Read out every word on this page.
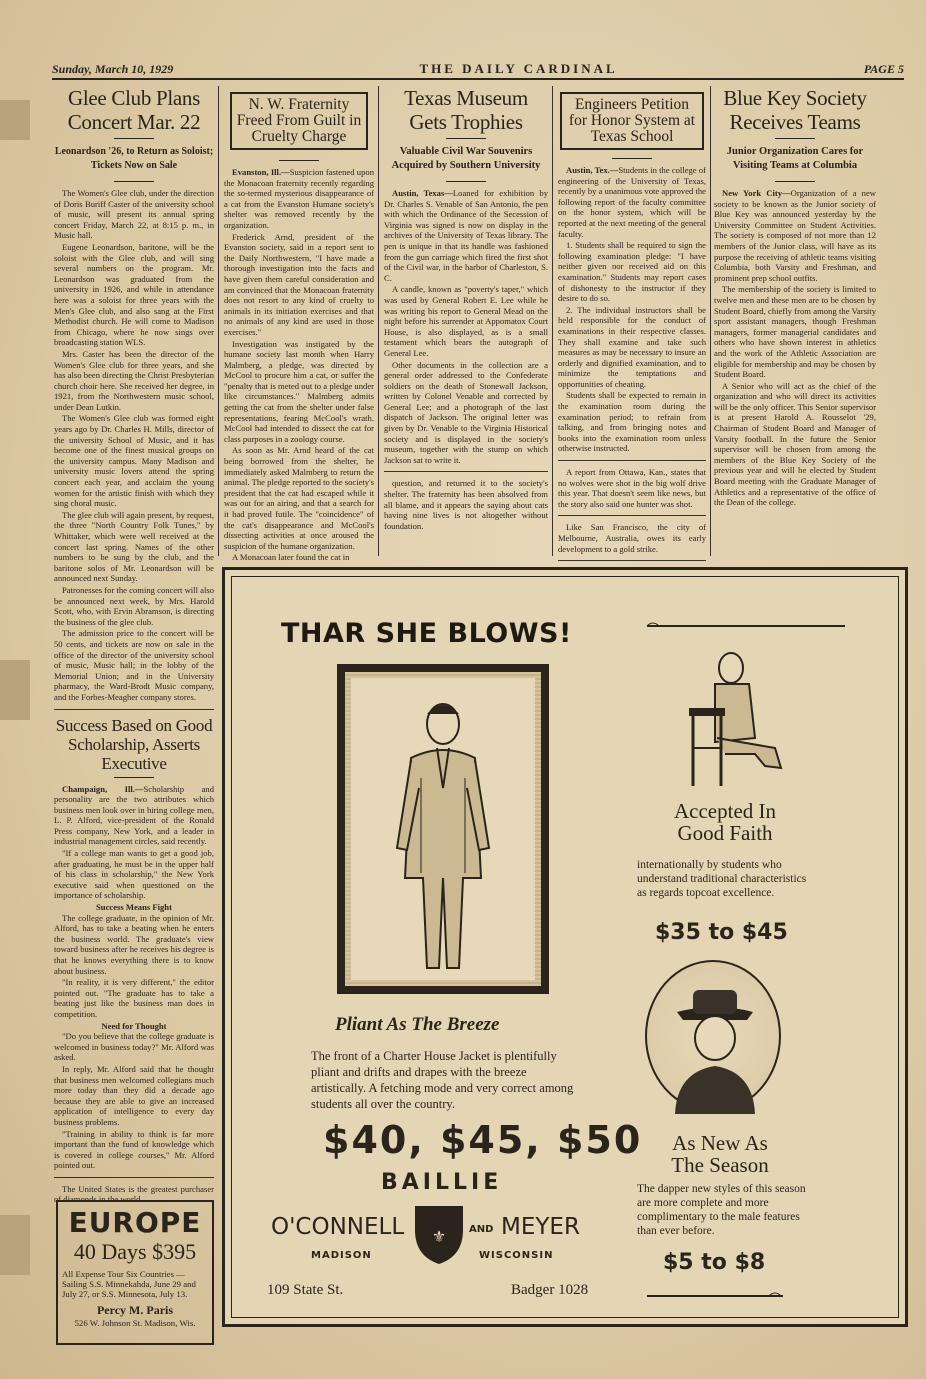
Sunday, March 10, 1929	THE DAILY CARDINAL	PAGE 5
Glee Club Plans Concert Mar. 22
Leonardson '26, to Return as Soloist; Tickets Now on Sale

The Women's Glee club, under the direction of Doris Buriff Caster of the university school of music, will present its annual spring concert Friday, March 22, at 8:15 p. m., in Music hall.

Eugene Leonardson, baritone, will be the soloist with the Glee club, and will sing several numbers on the program. Mr. Leonardson was graduated from the university in 1926, and while in attendance here was a soloist for three years with the Men's Glee club, and also sang at the First Methodist church. He will come to Madison from Chicago, where he now sings over broadcasting station WLS.

Mrs. Caster has been the director of the Women's Glee club for three years, and she has also been directing the Christ Presbyterian church choir here. She received her degree, in 1921, from the Northwestern music school, under Dean Lutkin.

The Women's Glee club was formed eight years ago by Dr. Charles H. Mills, director of the university School of Music, and it has become one of the finest musical groups on the university campus. Many Madison and university music lovers attend the spring concert each year, and acclaim the young women for the artistic finish with which they sing choral music.

The glee club will again present, by request, the three "North Country Folk Tunes," by Whittaker, which were well received at the concert last spring. Names of the other numbers to be sung by the club, and the baritone solos of Mr. Leonardson will be announced next Sunday.

Patronesses for the coming concert will also be announced next week, by Mrs. Harold Scott, who, with Ervin Abramson, is directing the business of the glee club.

The admission price to the concert will be 50 cents, and tickets are now on sale in the office of the director of the university school of music, Music hall; in the lobby of the Memorial Union; and in the University pharmacy, the Ward-Brodt Music company, and the Forbes-Meagher company stores.

Success Based on Good Scholarship, Asserts Executive

Champaign, Ill.—Scholarship and personality are the two attributes which business men look over in hiring college men, L. P. Alford, vice-president of the Ronald Press company, New York, and a leader in industrial management circles, said recently.

"If a college man wants to get a good job, after graduating, he must be in the upper half of his class in scholarship," the New York executive said when questioned on the importance of scholarship.

Success Means Fight

The college graduate, in the opinion of Mr. Alford, has to take a beating when he enters the business world. The graduate's view toward business after he receives his degree is that he knows everything there is to know about business.

"In reality, it is very different," the editor pointed out. "The graduate has to take a beating just like the business man does in competition.

Need for Thought

"Do you believe that the college graduate is welcomed in business today?" Mr. Alford was asked.

In reply, Mr. Alford said that he thought that business men welcomed collegians much more today than they did a decade ago because they are able to give an increased application of intelligence to every day business problems.

"Training in ability to think is far more important than the fund of knowledge which is covered in college courses," Mr. Alford pointed out.

The United States is the greatest purchaser of diamonds in the world.

EUROPE
40 Days $395
All Expense Tour Six Countries — Sailing S.S. Minnekahda, June 29 and July 27, or S.S. Minnesota, July 13.
Percy M. Paris
526 W. Johnson St. Madison, Wis.
N. W. Fraternity Freed From Guilt in Cruelty Charge

Evanston, Ill.—Suspicion fastened upon the Monacoan fraternity recently regarding the so-termed mysterious disappearance of a cat from the Evanston Humane society's shelter was removed recently by the organization.

Frederick Arnd, president of the Evanston society, said in a report sent to the Daily Northwestern, "I have made a thorough investigation into the facts and have given them careful consideration and am convinced that the Monacoan fraternity does not resort to any kind of cruelty to animals in its initiation exercises and that no animals of any kind are used in those exercises."

Investigation was instigated by the humane society last month when Harry Malmberg, a pledge, was directed by McCool to procure him a cat, or suffer the "penalty that is meted out to a pledge under like circumstances." Malmberg admits getting the cat from the shelter under false representations, fearing McCool's wrath. McCool had intended to dissect the cat for class purposes in a zoology course.

As soon as Mr. Arnd heard of the cat being borrowed from the shelter, he immediately asked Malmberg to return the animal. The pledge reported to the society's president that the cat had escaped while it was out for an airing, and that a search for it had proved futile. The "coincidence" of the cat's disappearance and McCool's dissecting activities at once aroused the suspicion of the humane organization.

A Monacoan later found the cat in

Texas Museum Gets Trophies
Valuable Civil War Souvenirs Acquired by Southern University

Austin, Texas—Loaned for exhibition by Dr. Charles S. Venable of San Antonio, the pen with which the Ordinance of the Secession of Virginia was signed is now on display in the archives of the University of Texas library. The pen is unique in that its handle was fashioned from the gun carriage which fired the first shot of the Civil war, in the harbor of Charleston, S. C.

A candle, known as "poverty's taper," which was used by General Robert E. Lee while he was writing his report to General Mead on the night before his surrender at Appomatox Court House, is also displayed, as is a small testament which bears the autograph of General Lee.

Other documents in the collection are a general order addressed to the Confederate soldiers on the death of Stonewall Jackson, written by Colonel Venable and corrected by General Lee; and a photograph of the last dispatch of Jackson. The original letter was given by Dr. Venable to the Virginia Historical society and is displayed in the society's museum, together with the stump on which Jackson sat to write it.

question, and returned it to the society's shelter. The fraternity has been absolved from all blame, and it appears the saying about cats having nine lives is not altogether without foundation.

Engineers Petition for Honor System at Texas School

Austin, Tex.—Students in the college of engineering of the University of Texas, recently by a unanimous vote approved the following report of the faculty committee on the honor system, which will be reported at the next meeting of the general faculty.

1. Students shall be required to sign the following examination pledge: "I have neither given nor received aid on this examination." Students may report cases of dishonesty to the instructor if they desire to do so.

2. The individual instructors shall be held responsible for the conduct of examinations in their respective classes. They shall examine and take such measures as may be necessary to insure an orderly and dignified examination, and to minimize the temptations and opportunities of cheating.

Students shall be expected to remain in the examination room during the examination period; to refrain from talking, and from bringing notes and books into the examination room unless otherwise instructed.

A report from Ottawa, Kan., states that no wolves were shot in the big wolf drive this year. That doesn't seem like news, but the story also said one hunter was shot.

Like San Francisco, the city of Melbourne, Australia, owes its early development to a gold strike.

Blue Key Society Receives Teams
Junior Organization Cares for Visiting Teams at Columbia

New York City—Organization of a new society to be known as the Junior society of Blue Key was announced yesterday by the University Committee on Student Activities. The society is composed of not more than 12 members of the Junior class, will have as its purpose the receiving of athletic teams visiting Columbia, both Varsity and Freshman, and prominent prep school outfits.

The membership of the society is limited to twelve men and these men are to be chosen by Student Board, chiefly from among the Varsity sport assistant managers, though Freshman managers, former managerial candidates and others who have shown interest in athletics and the work of the Athletic Association are eligible for membership and may be chosen by Student Board.

A Senior who will act as the chief of the organization and who will direct its activities will be the only officer. This Senior supervisor is at present Harold A. Rousselot '29, Chairman of Student Board and Manager of Varsity football. In the future the Senior supervisor will be chosen from among the members of the Blue Key Society of the previous year and will be elected by Student Board meeting with the Graduate Manager of Athletics and a representative of the office of the Dean of the college.

THAR SHE BLOWS!
Pliant As The Breeze
The front of a Charter House Jacket is plentifully pliant and drifts and drapes with the breeze artistically. A fetching mode and very correct among students all over the country.
$40, $45, $50
Accepted In Good Faith
internationally by students who understand traditional characteristics as regards topcoat excellence.
$35 to $45
As New As The Season
The dapper new styles of this season are more complete and more complimentary to the male features than ever before.
$5 to $8
BAILLIE
O'CONNELL ⚜ AND MEYER
MADISON	WISCONSIN
109 State St.	Badger 1028
